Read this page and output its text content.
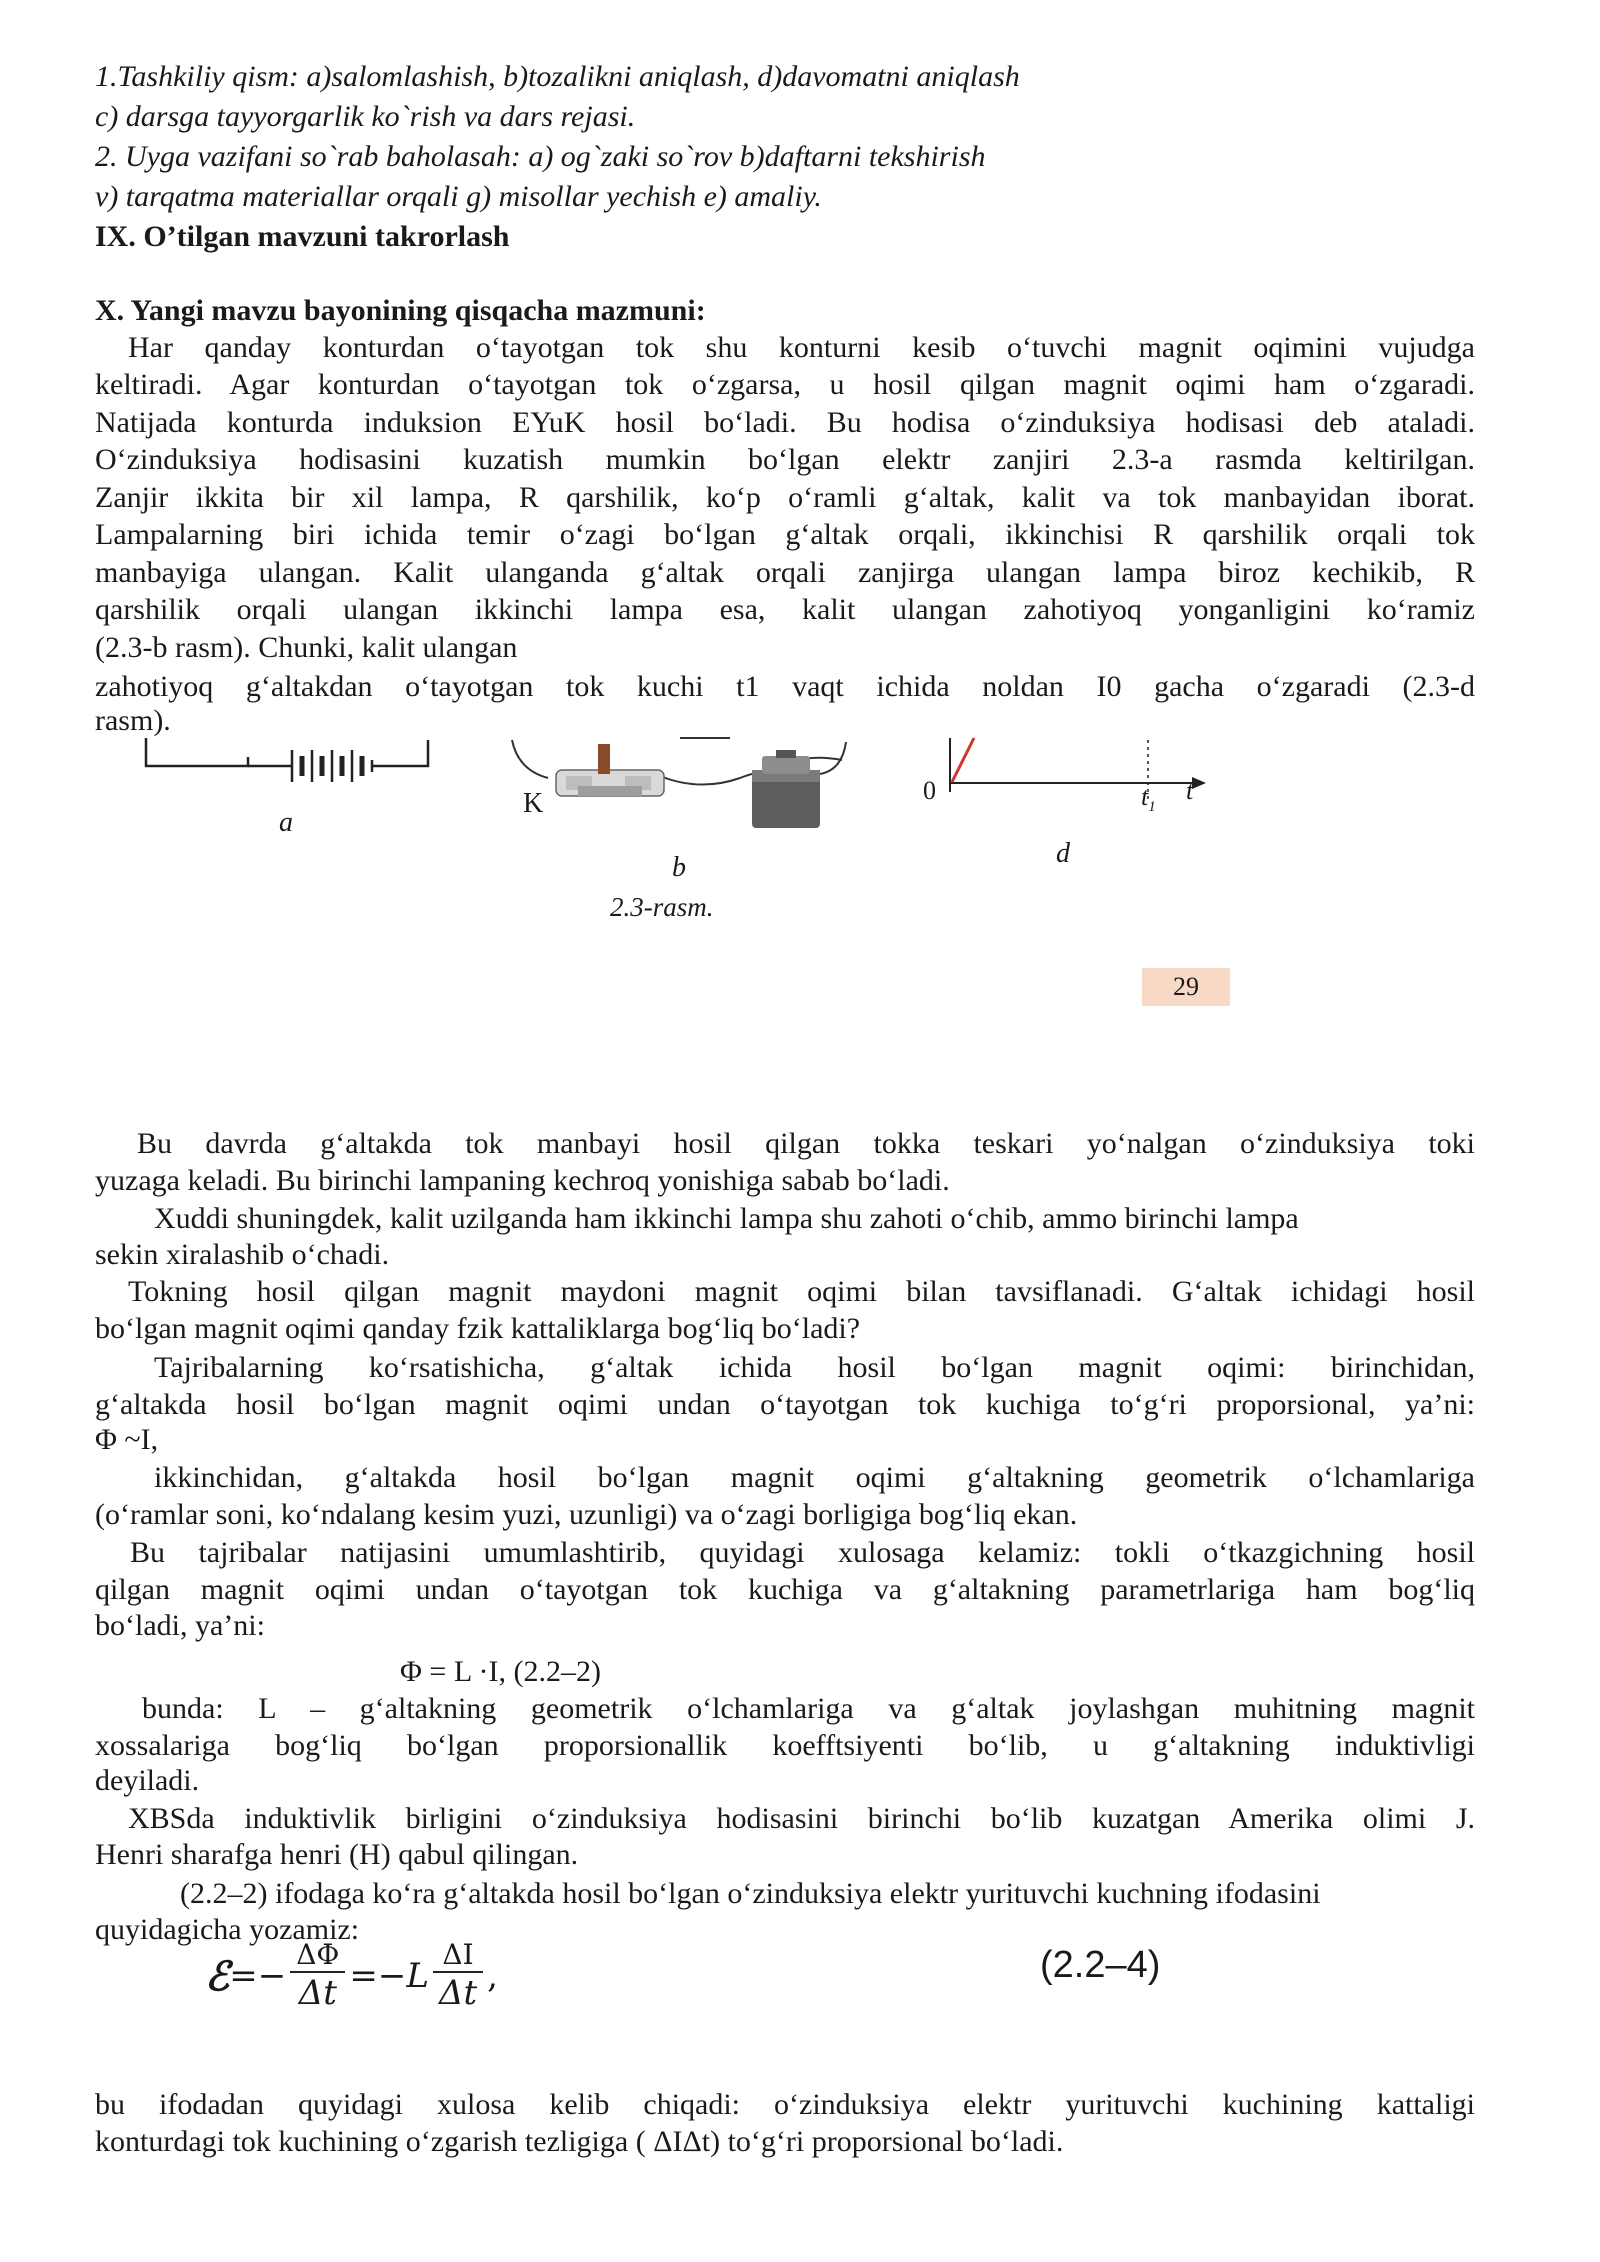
1.Tashkiliy qism: a)salomlashish, b)tozalikni aniqlash, d)davomatni aniqlash
c) darsga tayyorgarlik ko`rish va dars rejasi.
2. Uyga vazifani so`rab baholasah: a) og`zaki so`rov b)daftarni tekshirish
v) tarqatma materiallar orqali g) misollar yechish e) amaliy.
IX. O’tilgan mavzuni takrorlash
X. Yangi mavzu bayonining qisqacha mazmuni:
Har qanday konturdan o‘tayotgan tok shu konturni kesib o‘tuvchi magnit oqimini vujudga
keltiradi. Agar konturdan o‘tayotgan tok o‘zgarsa, u hosil qilgan magnit oqimi ham o‘zgaradi.
Natijada konturda induksion EYuK hosil bo‘ladi. Bu hodisa o‘zinduksiya hodisasi deb ataladi.
O‘zinduksiya hodisasini kuzatish mumkin bo‘lgan elektr zanjiri 2.3-a rasmda keltirilgan.
Zanjir ikkita bir xil lampa, R qarshilik, ko‘p o‘ramli g‘altak, kalit va tok manbayidan iborat.
Lampalarning biri ichida temir o‘zagi bo‘lgan g‘altak orqali, ikkinchisi R qarshilik orqali tok
manbayiga ulangan. Kalit ulanganda g‘altak orqali zanjirga ulangan lampa biroz kechikib, R
qarshilik orqali ulangan ikkinchi lampa esa, kalit ulangan zahotiyoq yonganligini ko‘ramiz
(2.3-b rasm). Chunki, kalit ulangan
zahotiyoq g‘altakdan o‘tayotgan tok kuchi t1 vaqt ichida noldan I0 gacha o‘zgaradi (2.3-d
rasm).
a
K
b	d
0	$t_1$
t
2.3-rasm.
29
Bu davrda g‘altakda tok manbayi hosil qilgan tokka teskari yo‘nalgan o‘zinduksiya toki
yuzaga keladi. Bu birinchi lampaning kechroq yonishiga sabab bo‘ladi.
Xuddi shuningdek, kalit uzilganda ham ikkinchi lampa shu zahoti o‘chib, ammo birinchi lampa
sekin xiralashib o‘chadi.
Tokning hosil qilgan magnit maydoni magnit oqimi bilan tavsiflanadi. G‘altak ichidagi hosil
bo‘lgan magnit oqimi qanday fzik kattaliklarga bog‘liq bo‘ladi?
Tajribalarning ko‘rsatishicha, g‘altak ichida hosil bo‘lgan magnit oqimi: birinchidan,
g‘altakda hosil bo‘lgan magnit oqimi undan o‘tayotgan tok kuchiga to‘g‘ri proporsional, ya’ni:
Φ ~I,
ikkinchidan, g‘altakda hosil bo‘lgan magnit oqimi g‘altakning geometrik o‘lchamlariga
(o‘ramlar soni, ko‘ndalang kesim yuzi, uzunligi) va o‘zagi borligiga bog‘liq ekan.
Bu tajribalar natijasini umumlashtirib, quyidagi xulosaga kelamiz: tokli o‘tkazgichning hosil
qilgan magnit oqimi undan o‘tayotgan tok kuchiga va g‘altakning parametrlariga ham bog‘liq
bo‘ladi, ya’ni:
Φ = L ·I, (2.2–2)
bunda: L – g‘altakning geometrik o‘lchamlariga va g‘altak joylashgan muhitning magnit
xossalariga bog‘liq bo‘lgan proporsionallik koefftsiyenti bo‘lib, u g‘altakning induktivligi
deyiladi.
XBSda induktivlik birligini o‘zinduksiya hodisasini birinchi bo‘lib kuzatgan Amerika olimi J.
Henri sharafga henri (H) qabul qilingan.
(2.2–2) ifodaga ko‘ra g‘altakda hosil bo‘lgan o‘zinduksiya elektr yurituvchi kuchning ifodasini
quyidagicha yozamiz:
ℰ =−
ΔΦ
Δt =−L
ΔI
Δt ,	(2.2–4)
bu ifodadan quyidagi xulosa kelib chiqadi: o‘zinduksiya elektr yurituvchi kuchining kattaligi
konturdagi tok kuchining o‘zgarish tezligiga ( ΔIΔt) to‘g‘ri proporsional bo‘ladi.
